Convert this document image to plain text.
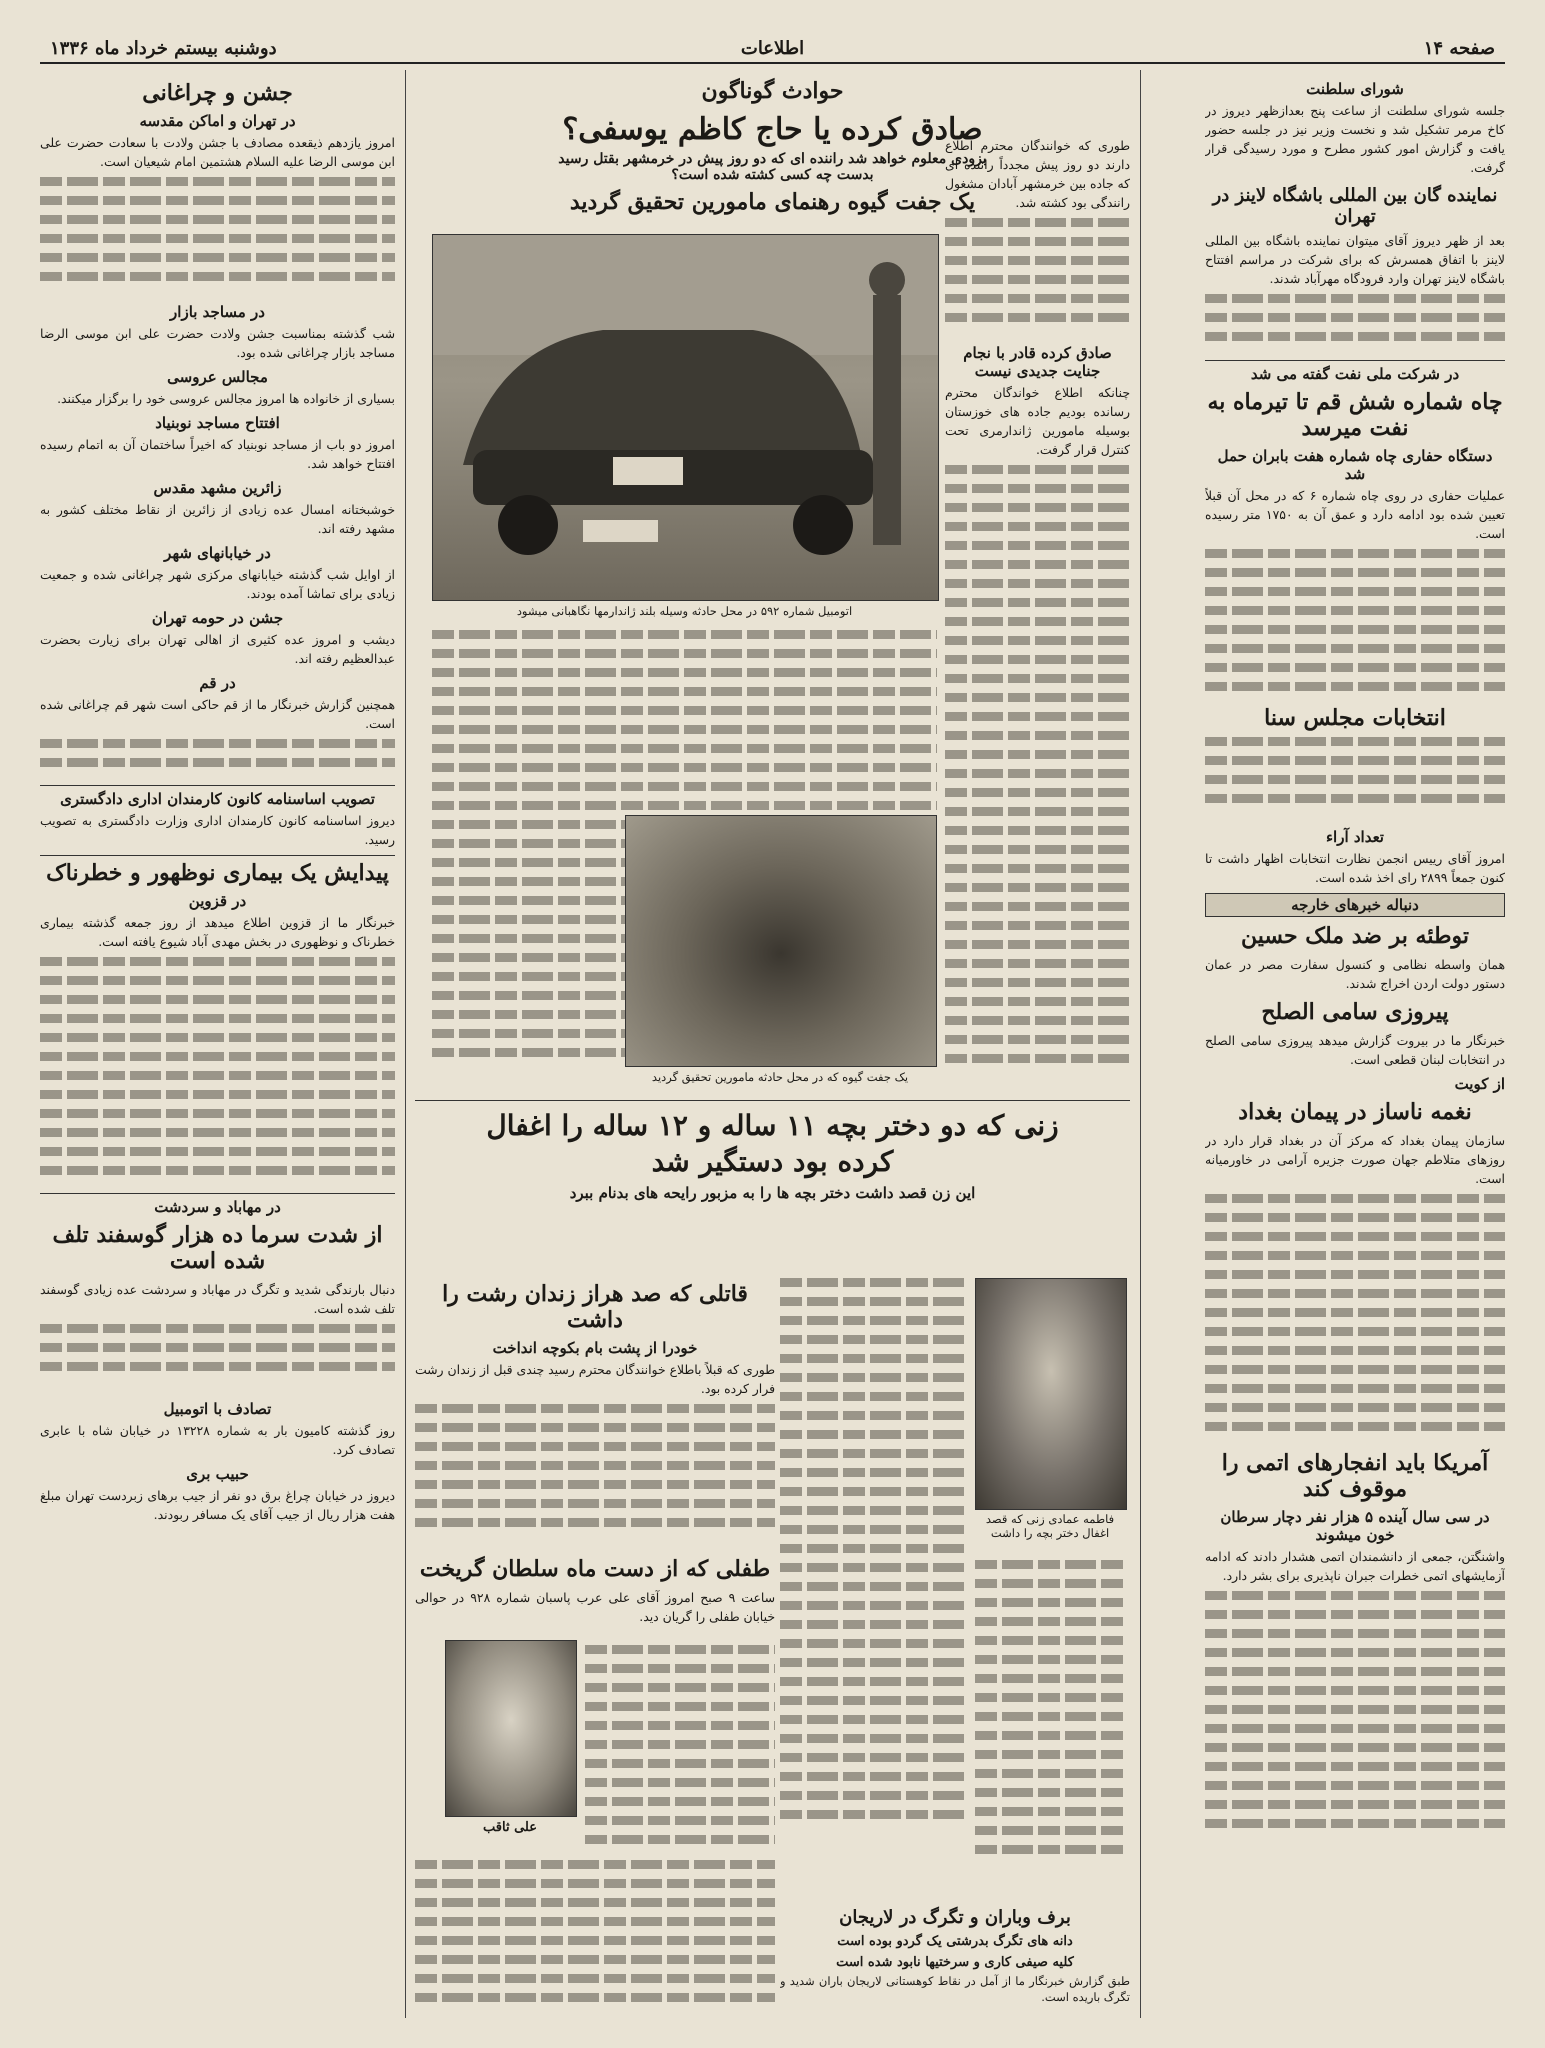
صفحه ۱۴
اطلاعات
دوشنبه بیستم خرداد ماه ۱۳۳۶
شورای سلطنت
جلسه شورای سلطنت از ساعت پنج بعدازظهر دیروز در کاخ مرمر تشکیل شد و نخست وزیر نیز در جلسه حضور یافت و گزارش امور کشور مطرح و مورد رسیدگی قرار گرفت.
نماینده گان بین المللی باشگاه لاینز در تهران
بعد از ظهر دیروز آقای میتوان نماینده باشگاه بین المللی لاینز با اتفاق همسرش که برای شرکت در مراسم افتتاح باشگاه لاینز تهران وارد فرودگاه مهرآباد شدند.
در شرکت ملی نفت گفته می شد
چاه شماره شش قم تا تیرماه به نفت میرسد
دستگاه حفاری چاه شماره هفت بابران حمل شد
عملیات حفاری در روی چاه شماره ۶ که در محل آن قبلاً تعیین شده بود ادامه دارد و عمق آن به ۱۷۵۰ متر رسیده است.
انتخابات مجلس سنا
تعداد آراء
امروز آقای رییس انجمن نظارت انتخابات اظهار داشت تا کنون جمعاً ۲۸۹۹ رای اخذ شده است.
دنباله خبرهای خارجه
توطئه بر ضد ملک حسین
همان واسطه نظامی و کنسول سفارت مصر در عمان دستور دولت اردن اخراج شدند.
پیروزی سامی الصلح
خبرنگار ما در بیروت گزارش میدهد پیروزی سامی الصلح در انتخابات لبنان قطعی است.
از کویت
نغمه ناساز در پیمان بغداد
سازمان پیمان بغداد که مرکز آن در بغداد قرار دارد در روزهای متلاطم جهان صورت جزیره آرامی در خاورمیانه است.
آمریکا باید انفجارهای اتمی را موقوف کند
در سی سال آینده ۵ هزار نفر دچار سرطان خون میشوند
واشنگتن، جمعی از دانشمندان اتمی هشدار دادند که ادامه آزمایشهای اتمی خطرات جبران ناپذیری برای بشر دارد.
حوادث گوناگون
صادق کرده یا حاج کاظم یوسفی؟
بزودی معلوم خواهد شد راننده ای که دو روز پیش در خرمشهر بقتل رسید
بدست چه کسی کشته شده است؟
یک جفت گیوه رهنمای مامورین تحقیق گردید
اتومبیل شماره ۵۹۲ در محل حادثه وسیله بلند ژاندارمها نگاهبانی میشود
طوری که خوانندگان محترم اطلاع دارند دو روز پیش مجدداً راننده ای که جاده بین خرمشهر آبادان مشغول رانندگی بود کشته شد.
صادق کرده قادر با نجام جنایت جدیدی نیست
چنانکه اطلاع خواندگان محترم رسانده بودیم جاده های خوزستان بوسیله مامورین ژاندارمری تحت کنترل قرار گرفت.
یک جفت گیوه که در محل حادثه مامورین تحقیق گردید
زنی که دو دختر بچه ۱۱ ساله و ۱۲ ساله را اغفال
کرده بود دستگیر شد
این زن قصد داشت دختر بچه ها را به مزبور رایحه های بدنام ببرد
فاطمه عمادی زنی که قصد اغفال دختر بچه را داشت
قاتلی که صد هراز زندان رشت را داشت
خودرا از پشت بام بکوچه انداخت
طوری که قبلاً باطلاع خوانندگان محترم رسید چندی قبل از زندان رشت فرار کرده بود.
طفلی که از دست ماه سلطان گریخت
ساعت ۹ صبح امروز آقای علی عرب پاسبان شماره ۹۲۸ در حوالی خیابان طفلی را گریان دید.
علی ثاقب
برف وباران و تگرگ در لاریجان
دانه های تگرگ بدرشتی یک گردو بوده است
کلیه صیفی کاری و سرختیها نابود شده است
طبق گزارش خبرنگار ما از آمل در نقاط کوهستانی لاریجان باران شدید و تگرگ باریده است.
جشن و چراغانی
در تهران و اماکن مقدسه
امروز یازدهم ذیقعده مصادف با جشن ولادت با سعادت حضرت علی ابن موسی الرضا علیه السلام هشتمین امام شیعیان است.
در مساجد بازار
شب گذشته بمناسبت جشن ولادت حضرت علی ابن موسی الرضا مساجد بازار چراغانی شده بود.
مجالس عروسی
بسیاری از خانواده ها امروز مجالس عروسی خود را برگزار میکنند.
افتتاح مساجد نوبنیاد
امروز دو باب از مساجد نوبنیاد که اخیراً ساختمان آن به اتمام رسیده افتتاح خواهد شد.
زائرین مشهد مقدس
خوشبختانه امسال عده زیادی از زائرین از نقاط مختلف کشور به مشهد رفته اند.
در خیابانهای شهر
از اوایل شب گذشته خیابانهای مرکزی شهر چراغانی شده و جمعیت زیادی برای تماشا آمده بودند.
جشن در حومه تهران
دیشب و امروز عده کثیری از اهالی تهران برای زیارت بحضرت عبدالعظیم رفته اند.
در قم
همچنین گزارش خبرنگار ما از قم حاکی است شهر قم چراغانی شده است.
تصویب اساسنامه کانون کارمندان اداری دادگستری
دیروز اساسنامه کانون کارمندان اداری وزارت دادگستری به تصویب رسید.
پیدایش یک بیماری نوظهور و خطرناک
در قزوین
خبرنگار ما از قزوین اطلاع میدهد از روز جمعه گذشته بیماری خطرناک و نوظهوری در بخش مهدی آباد شیوع یافته است.
در مهاباد و سردشت
از شدت سرما ده هزار گوسفند تلف شده است
دنبال بارندگی شدید و تگرگ در مهاباد و سردشت عده زیادی گوسفند تلف شده است.
تصادف با اتومبیل
روز گذشته کامیون بار به شماره ۱۳۲۲۸ در خیابان شاه با عابری تصادف کرد.
حبیب بری
دیروز در خیابان چراغ برق دو نفر از جیب برهای زبردست تهران مبلغ هفت هزار ریال از جیب آقای یک مسافر ربودند.
